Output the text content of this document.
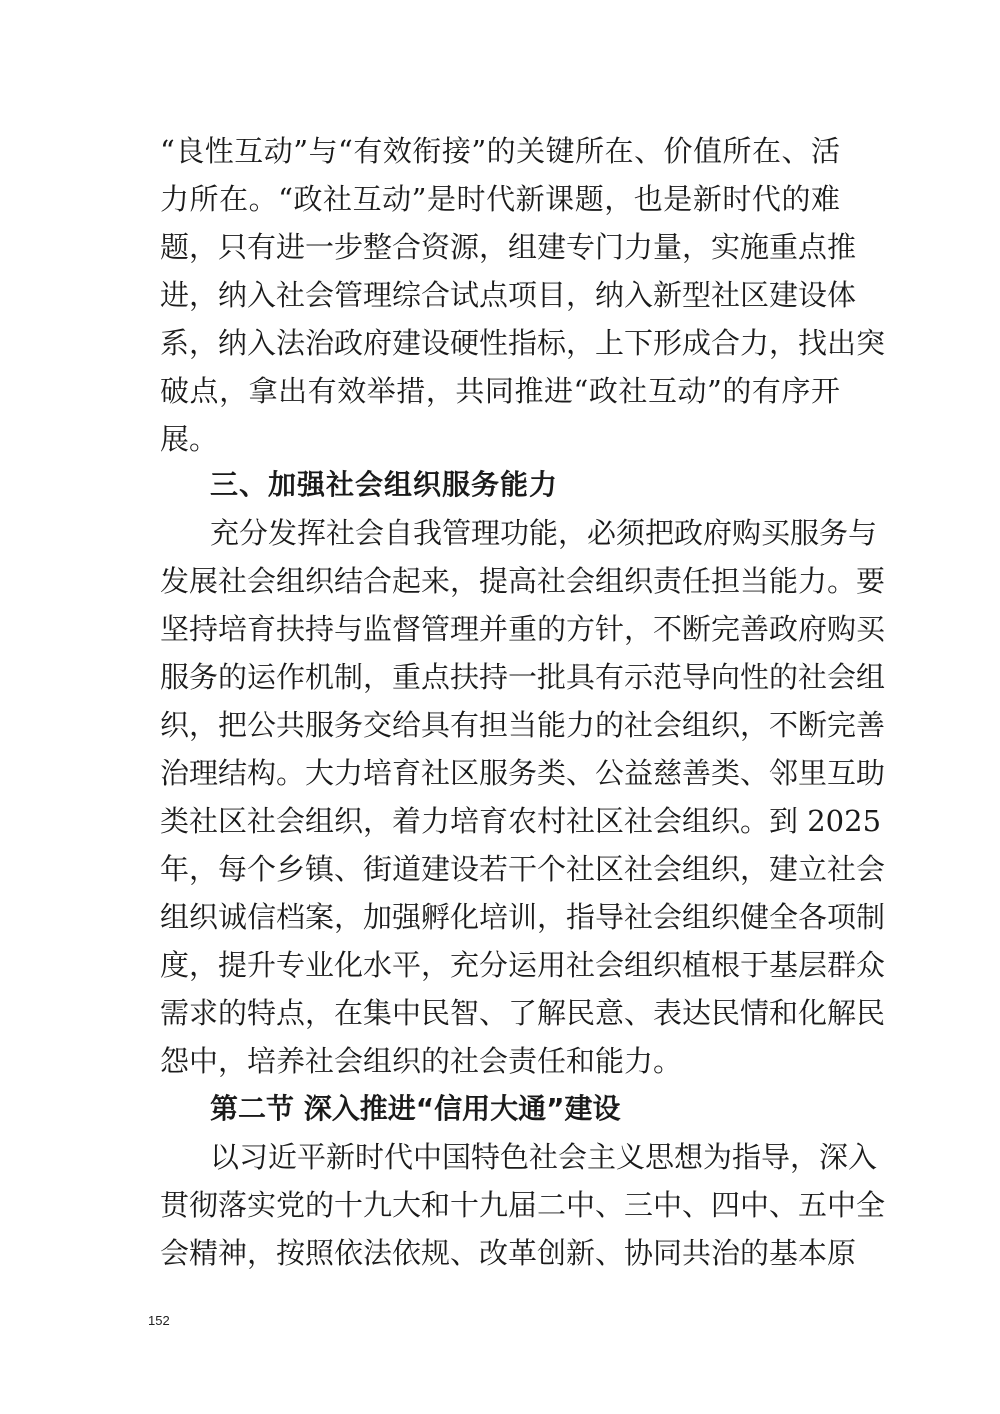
“良性互动”与“有效衔接”的关键所在、价值所在、活
力所在。“政社互动”是时代新课题，也是新时代的难
题，只有进一步整合资源，组建专门力量，实施重点推
进，纳入社会管理综合试点项目，纳入新型社区建设体
系，纳入法治政府建设硬性指标，上下形成合力，找出突
破点，拿出有效举措，共同推进“政社互动”的有序开
展。
三、加强社会组织服务能力
充分发挥社会自我管理功能，必须把政府购买服务与
发展社会组织结合起来，提高社会组织责任担当能力。要
坚持培育扶持与监督管理并重的方针，不断完善政府购买
服务的运作机制，重点扶持一批具有示范导向性的社会组
织，把公共服务交给具有担当能力的社会组织，不断完善
治理结构。大力培育社区服务类、公益慈善类、邻里互助
类社区社会组织，着力培育农村社区社会组织。到 2025
年，每个乡镇、街道建设若干个社区社会组织，建立社会
组织诚信档案，加强孵化培训，指导社会组织健全各项制
度，提升专业化水平，充分运用社会组织植根于基层群众
需求的特点，在集中民智、了解民意、表达民情和化解民
怨中，培养社会组织的社会责任和能力。
第二节 深入推进“信用大通”建设
以习近平新时代中国特色社会主义思想为指导，深入
贯彻落实党的十九大和十九届二中、三中、四中、五中全
会精神，按照依法依规、改革创新、协同共治的基本原
152
